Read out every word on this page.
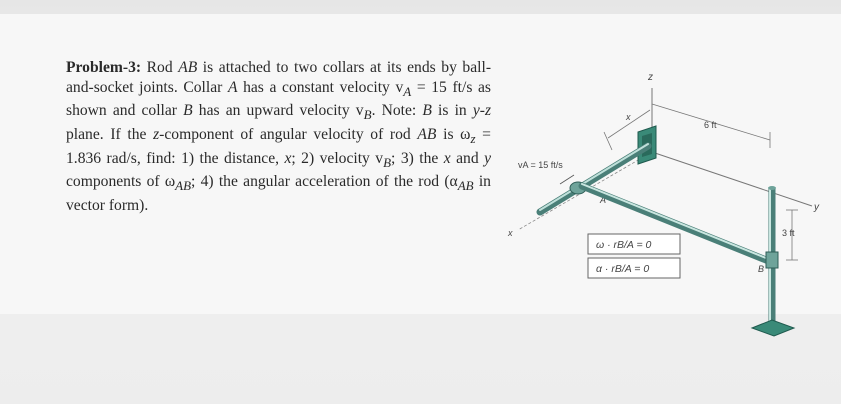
Problem-3: Rod AB is attached to two collars at its ends by ball-and-socket joints. Collar A has a constant velocity $v_A = 15$ ft/s as shown and collar B has an upward velocity $v_B$. Note: B is in y-z plane. If the z-component of angular velocity of rod AB is $\omega_z = 1.836$ rad/s, find: 1) the distance, x; 2) velocity $v_B$; 3) the x and y components of $\omega_{AB}$; 4) the angular acceleration of the rod ($\alpha_{AB}$ in vector form).
z
y
x
x
6 ft
A
vA = 15 ft/s
B
3 ft
ω · rB/A = 0
α · rB/A = 0
